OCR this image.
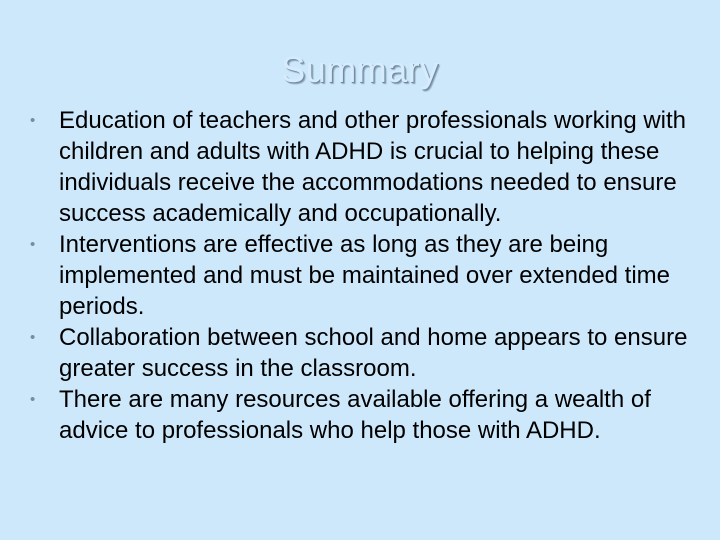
Summary
• Education of teachers and other professionals working with children and adults with ADHD is crucial to helping these individuals receive the accommodations needed to ensure success academically and occupationally.
• Interventions are effective as long as they are being implemented and must be maintained over extended time periods.
• Collaboration between school and home appears to ensure greater success in the classroom.
• There are many resources available offering a wealth of advice to professionals who help those with ADHD.
